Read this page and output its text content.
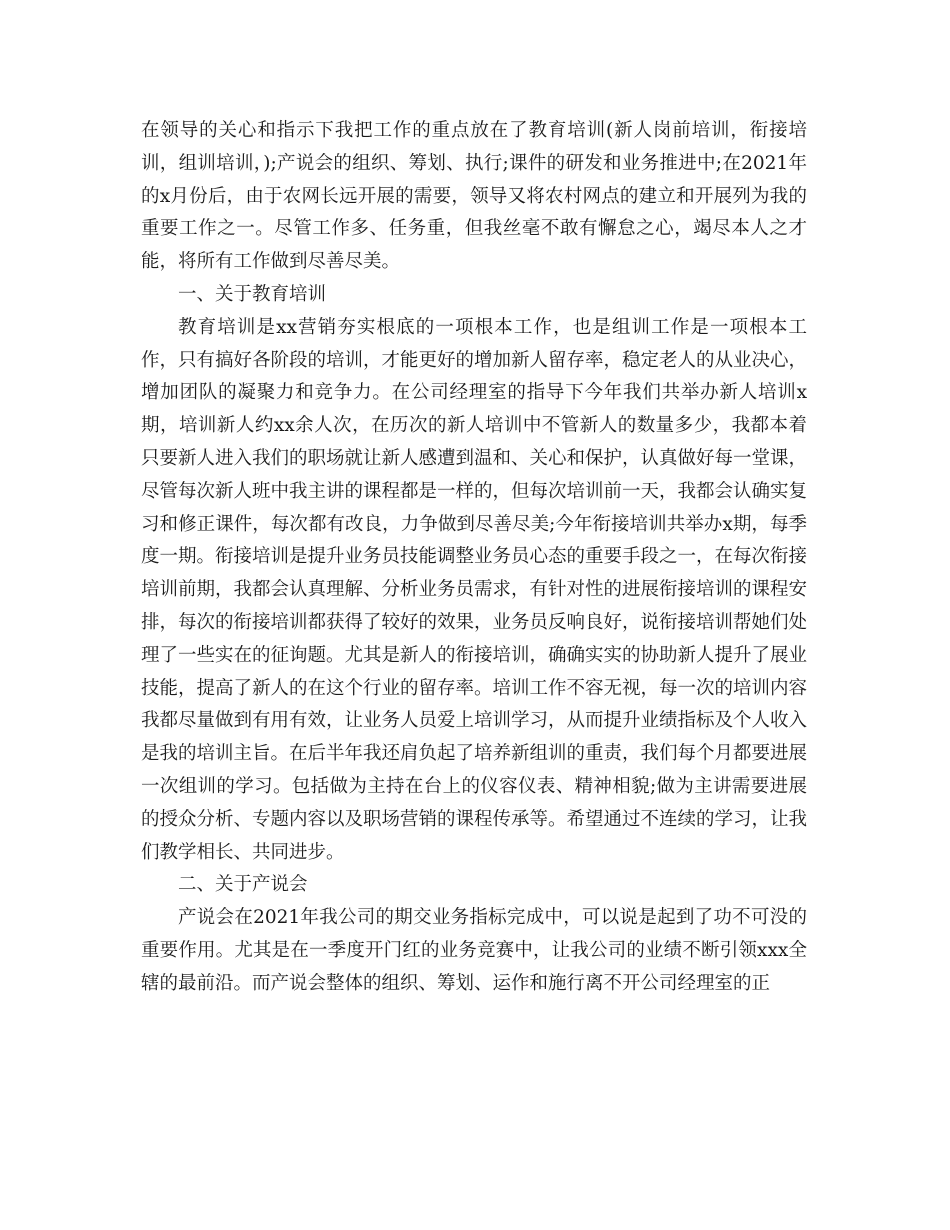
在领导的关心和指示下我把工作的重点放在了教育培训(新人岗前培训，衔接培训，组训培训，);产说会的组织、筹划、执行;课件的研发和业务推进中;在2021年的x月份后，由于农网长远开展的需要，领导又将农村网点的建立和开展列为我的重要工作之一。尽管工作多、任务重，但我丝毫不敢有懈怠之心，竭尽本人之才能，将所有工作做到尽善尽美。

一、关于教育培训

教育培训是xx营销夯实根底的一项根本工作，也是组训工作是一项根本工作，只有搞好各阶段的培训，才能更好的增加新人留存率，稳定老人的从业决心，增加团队的凝聚力和竞争力。在公司经理室的指导下今年我们共举办新人培训x期，培训新人约xx余人次，在历次的新人培训中不管新人的数量多少，我都本着只要新人进入我们的职场就让新人感遭到温和、关心和保护，认真做好每一堂课，尽管每次新人班中我主讲的课程都是一样的，但每次培训前一天，我都会认确实复习和修正课件，每次都有改良，力争做到尽善尽美;今年衔接培训共举办x期，每季度一期。衔接培训是提升业务员技能调整业务员心态的重要手段之一，在每次衔接培训前期，我都会认真理解、分析业务员需求，有针对性的进展衔接培训的课程安排，每次的衔接培训都获得了较好的效果，业务员反响良好，说衔接培训帮她们处理了一些实在的征询题。尤其是新人的衔接培训，确确实实的协助新人提升了展业技能，提高了新人的在这个行业的留存率。培训工作不容无视，每一次的培训内容我都尽量做到有用有效，让业务人员爱上培训学习，从而提升业绩指标及个人收入是我的培训主旨。在后半年我还肩负起了培养新组训的重责，我们每个月都要进展一次组训的学习。包括做为主持在台上的仪容仪表、精神相貌;做为主讲需要进展的授众分析、专题内容以及职场营销的课程传承等。希望通过不连续的学习，让我们教学相长、共同进步。

二、关于产说会

产说会在2021年我公司的期交业务指标完成中，可以说是起到了功不可没的重要作用。尤其是在一季度开门红的业务竞赛中，让我公司的业绩不断引领xxx全辖的最前沿。而产说会整体的组织、筹划、运作和施行离不开公司经理室的正
